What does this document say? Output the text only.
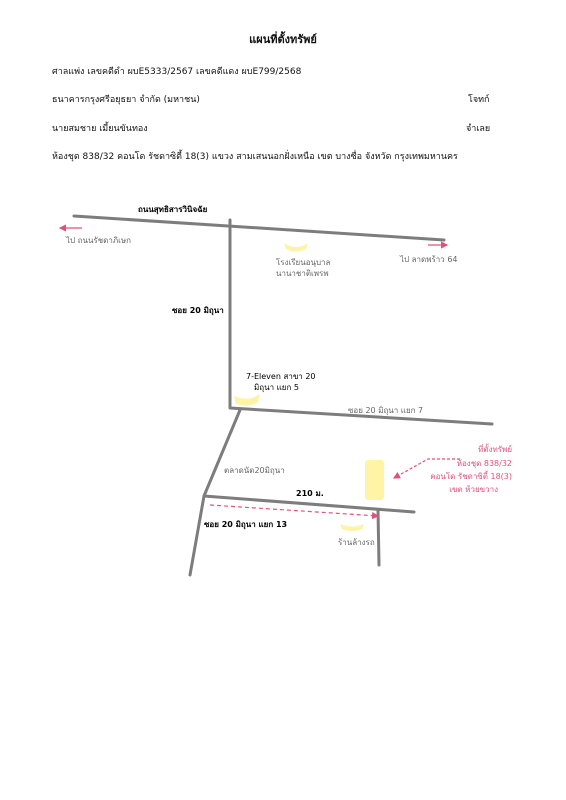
แผนที่ตั้งทรัพย์
ศาลแพ่ง เลขคดีดำ ผบE5333/2567 เลขคดีแดง ผบE799/2568
ธนาคารกรุงศรีอยุธยา จำกัด (มหาชน)	โจทก์
นายสมชาย เมี้ยนขันทอง	จำเลย
ห้องชุด 838/32 คอนโด รัชดาซิตี้ 18(3) แขวง สามเสนนอกฝั่งเหนือ เขต บางซื่อ จังหวัด กรุงเทพมหานคร
ถนนสุทธิสารวินิจฉัย
ไป ถนนรัชดาภิเษก
ไป ลาดพร้าว 64
โรงเรียนอนุบาล
นานาชาติเพรพ
ซอย 20 มิถุนา
7-Eleven สาขา 20
มิถุนา แยก 5
ซอย 20 มิถุนา แยก 7
ตลาดนัด20มิถุนา
210 ม.
ซอย 20 มิถุนา แยก 13
ร้านล้างรถ
ที่ตั้งทรัพย์
ห้องชุด 838/32
คอนโด รัชดาซิตี้ 18(3)
เขต ห้วยขวาง
